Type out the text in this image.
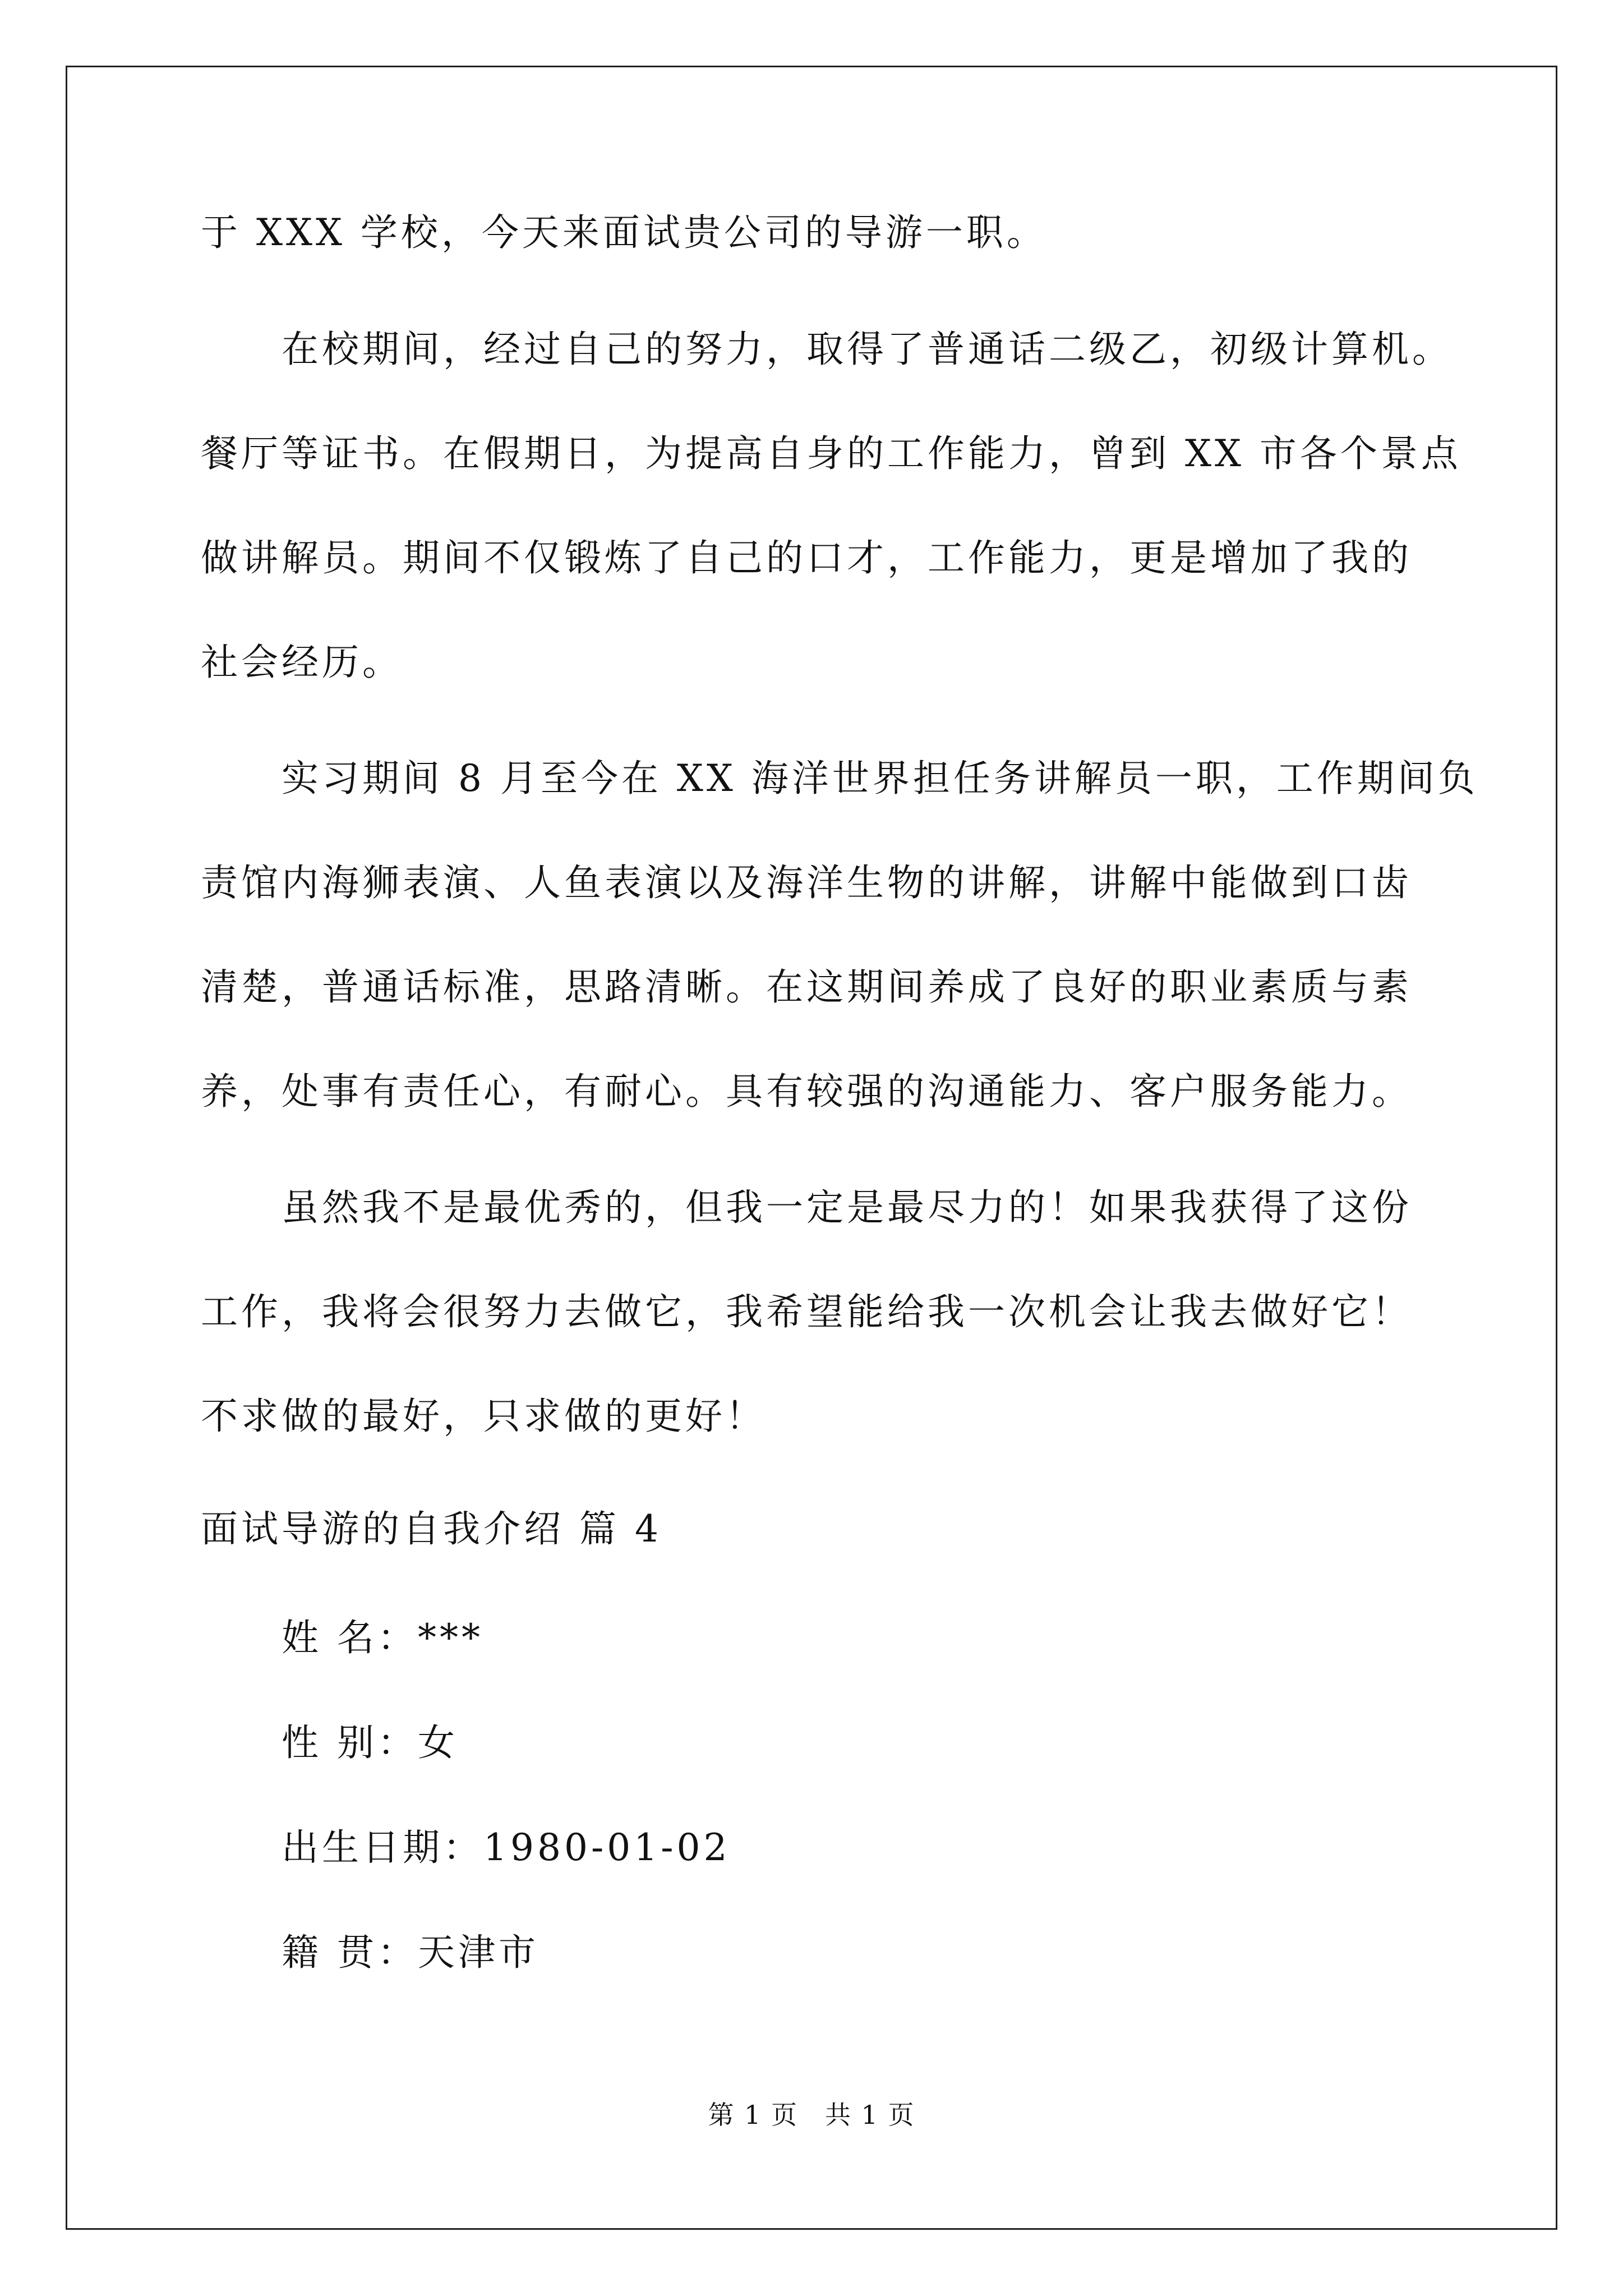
于 XXX 学校，今天来面试贵公司的导游一职。
在校期间，经过自己的努力，取得了普通话二级乙，初级计算机。
餐厅等证书。在假期日，为提高自身的工作能力，曾到 XX 市各个景点
做讲解员。期间不仅锻炼了自己的口才，工作能力，更是增加了我的
社会经历。
实习期间 8 月至今在 XX 海洋世界担任务讲解员一职，工作期间负
责馆内海狮表演、人鱼表演以及海洋生物的讲解，讲解中能做到口齿
清楚，普通话标准，思路清晰。在这期间养成了良好的职业素质与素
养，处事有责任心，有耐心。具有较强的沟通能力、客户服务能力。
虽然我不是最优秀的，但我一定是最尽力的！如果我获得了这份
工作，我将会很努力去做它，我希望能给我一次机会让我去做好它！
不求做的最好，只求做的更好！
面试导游的自我介绍 篇 4
姓 名：***
性 别：女
出生日期：1980-01-02
籍 贯：天津市
第 1 页　共 1 页
